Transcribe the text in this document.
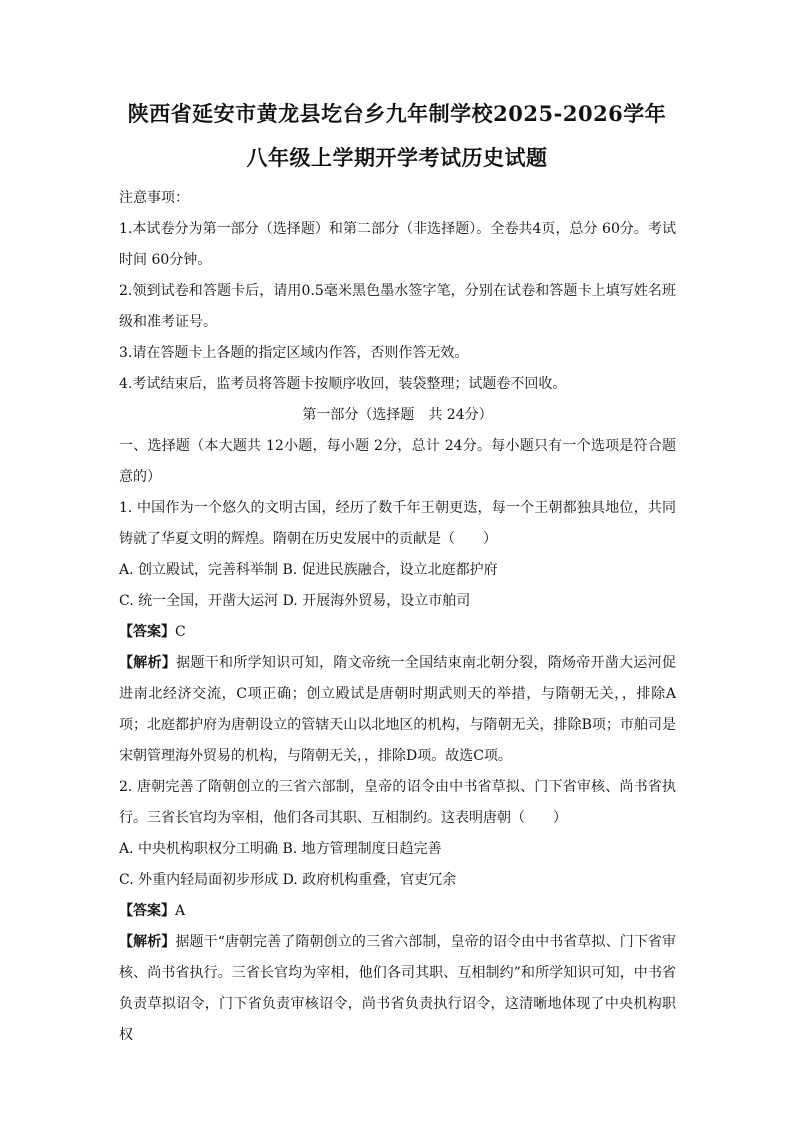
陕西省延安市黄龙县圪台乡九年制学校2025-2026学年
八年级上学期开学考试历史试题

注意事项：

1.本试卷分为第一部分（选择题）和第二部分（非选择题）。全卷共4页，总分 60分。考试时间 60分钟。

2.领到试卷和答题卡后，请用0.5毫米黑色墨水签字笔，分别在试卷和答题卡上填写姓名班级和准考证号。

3.请在答题卡上各题的指定区域内作答，否则作答无效。

4.考试结束后，监考员将答题卡按顺序收回，装袋整理；试题卷不回收。

第一部分（选择题　共 24分）

一、选择题（本大题共 12小题，每小题 2分，总计 24分。每小题只有一个选项是符合题意的）

1. 中国作为一个悠久的文明古国，经历了数千年王朝更迭，每一个王朝都独具地位，共同铸就了华夏文明的辉煌。隋朝在历史发展中的贡献是（　　）

A. 创立殿试，完善科举制 B. 促进民族融合，设立北庭都护府

C. 统一全国，开凿大运河 D. 开展海外贸易，设立市舶司

【答案】C

【解析】据题干和所学知识可知，隋文帝统一全国结束南北朝分裂，隋炀帝开凿大运河促进南北经济交流，C项正确；创立殿试是唐朝时期武则天的举措，与隋朝无关，，排除A项；北庭都护府为唐朝设立的管辖天山以北地区的机构，与隋朝无关，排除B项；市舶司是宋朝管理海外贸易的机构，与隋朝无关，，排除D项。故选C项。

2. 唐朝完善了隋朝创立的三省六部制，皇帝的诏令由中书省草拟、门下省审核、尚书省执行。三省长官均为宰相，他们各司其职、互相制约。这表明唐朝（　　）

A. 中央机构职权分工明确 B. 地方管理制度日趋完善

C. 外重内轻局面初步形成 D. 政府机构重叠，官吏冗余

【答案】A

【解析】据题干“唐朝完善了隋朝创立的三省六部制，皇帝的诏令由中书省草拟、门下省审核、尚书省执行。三省长官均为宰相，他们各司其职、互相制约”和所学知识可知，中书省负责草拟诏令，门下省负责审核诏令，尚书省负责执行诏令，这清晰地体现了中央机构职权
